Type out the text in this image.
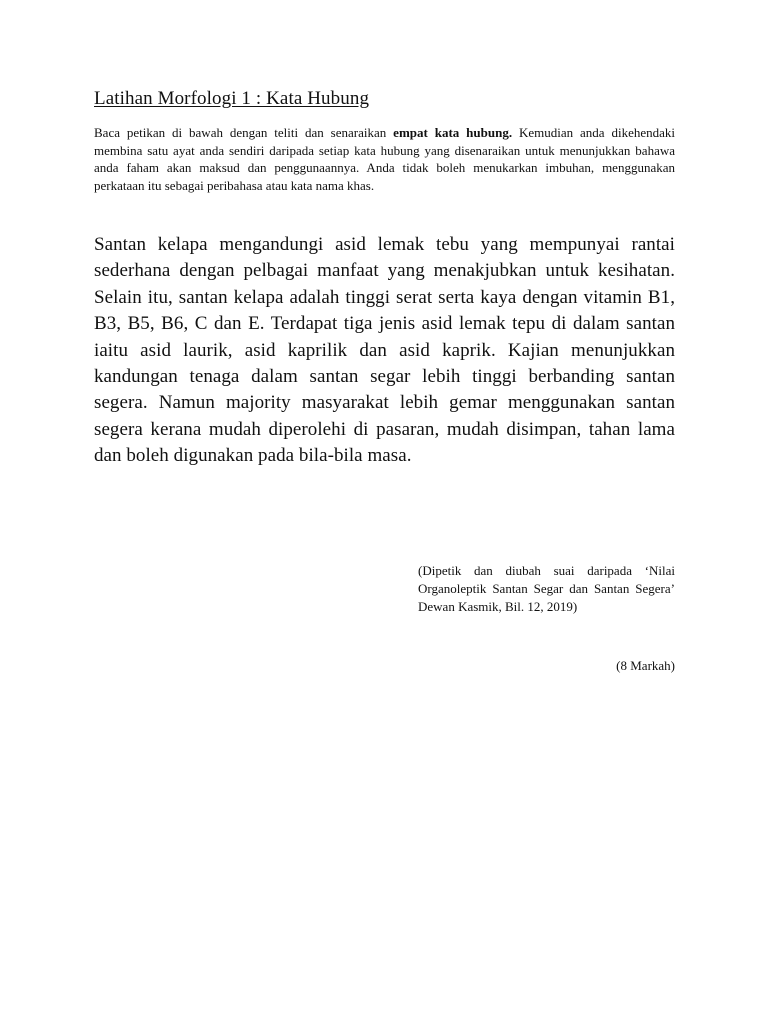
Latihan Morfologi 1 : Kata Hubung

Baca petikan di bawah dengan teliti dan senaraikan empat kata hubung. Kemudian anda dikehendaki membina satu ayat anda sendiri daripada setiap kata hubung yang disenaraikan untuk menunjukkan bahawa anda faham akan maksud dan penggunaannya. Anda tidak boleh menukarkan imbuhan, menggunakan perkataan itu sebagai peribahasa atau kata nama khas.

Santan kelapa mengandungi asid lemak tebu yang mempunyai rantai sederhana dengan pelbagai manfaat yang menakjubkan untuk kesihatan. Selain itu, santan kelapa adalah tinggi serat serta kaya dengan vitamin B1, B3, B5, B6, C dan E. Terdapat tiga jenis asid lemak tepu di dalam santan iaitu asid laurik, asid kaprilik dan asid kaprik. Kajian menunjukkan kandungan tenaga dalam santan segar lebih tinggi berbanding santan segera. Namun majority masyarakat lebih gemar menggunakan santan segera kerana mudah diperolehi di pasaran, mudah disimpan, tahan lama dan boleh digunakan pada bila-bila masa.

(Dipetik dan diubah suai daripada ‘Nilai Organoleptik Santan Segar dan Santan Segera’ Dewan Kasmik, Bil. 12, 2019)

(8 Markah)
